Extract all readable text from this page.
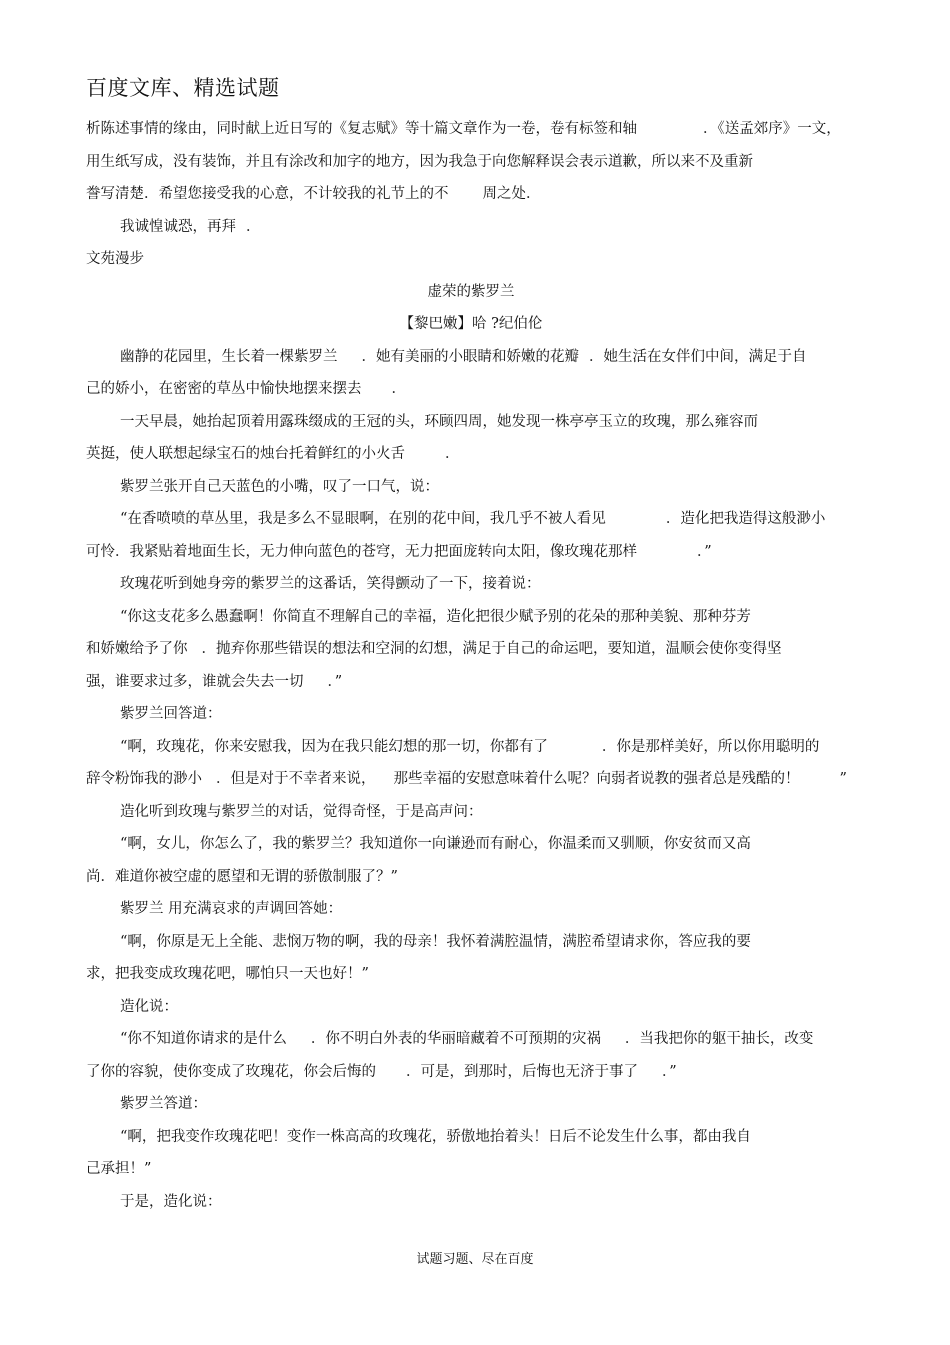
百度文库、精选试题
析陈述事情的缘由，同时献上近日写的《复志赋》等十篇文章作为一卷，卷有标签和轴	．《送孟郊序》一文，
用生纸写成，没有装饰，并且有涂改和加字的地方，因为我急于向您解释误会表示道歉，所以来不及重新
誊写清楚．希望您接受我的心意，不计较我的礼节上的不 周之处．
我诚惶诚恐，再拜 ．
文苑漫步
虚荣的紫罗兰
【黎巴嫩】哈 ?纪伯伦
幽静的花园里，生长着一棵紫罗兰 ．她有美丽的小眼睛和娇嫩的花瓣 ．她生活在女伴们中间，满足于自
己的娇小，在密密的草丛中愉快地摆来摆去 ．
一天早晨，她抬起顶着用露珠缀成的王冠的头，环顾四周，她发现一株亭亭玉立的玫瑰，那么雍容而
英挺，使人联想起绿宝石的烛台托着鲜红的小火舌	．
紫罗兰张开自己天蓝色的小嘴，叹了一口气，说：
“在香喷喷的草丛里，我是多么不显眼啊，在别的花中间，我几乎不被人看见	．造化把我造得这般渺小
可怜．我紧贴着地面生长，无力伸向蓝色的苍穹，无力把面庞转向太阳，像玫瑰花那样	．”
玫瑰花听到她身旁的紫罗兰的这番话，笑得颤动了一下，接着说：
“你这支花多么愚蠢啊！你简直不理解自己的幸福，造化把很少赋予别的花朵的那种美貌、那种芬芳
和娇嫩给予了你 ．抛弃你那些错误的想法和空洞的幻想，满足于自己的命运吧，要知道，温顺会使你变得坚
强，谁要求过多，谁就会失去一切 ．”
紫罗兰回答道：
“啊，玫瑰花，你来安慰我，因为在我只能幻想的那一切，你都有了	．你是那样美好，所以你用聪明的
辞令粉饰我的渺小 ．但是对于不幸者来说， 那些幸福的安慰意味着什么呢？向弱者说教的强者总是残酷的！	”
造化听到玫瑰与紫罗兰的对话，觉得奇怪，于是高声问：
“啊，女儿，你怎么了，我的紫罗兰？我知道你一向谦逊而有耐心，你温柔而又驯顺，你安贫而又高
尚．难道你被空虚的愿望和无谓的骄傲制服了？”
紫罗兰 用充满哀求的声调回答她：
“啊，你原是无上全能、悲悯万物的啊，我的母亲！我怀着满腔温情，满腔希望请求你，答应我的要
求，把我变成玫瑰花吧，哪怕只一天也好！”
造化说：
“你不知道你请求的是什么 ．你不明白外表的华丽暗藏着不可预期的灾祸 ．当我把你的躯干抽长，改变
了你的容貌，使你变成了玫瑰花，你会后悔的 ．可是，到那时，后悔也无济于事了 ．”
紫罗兰答道：
“啊，把我变作玫瑰花吧！变作一株高高的玫瑰花，骄傲地抬着头！日后不论发生什么事，都由我自
己承担！”
于是，造化说：
试题习题、尽在百度
